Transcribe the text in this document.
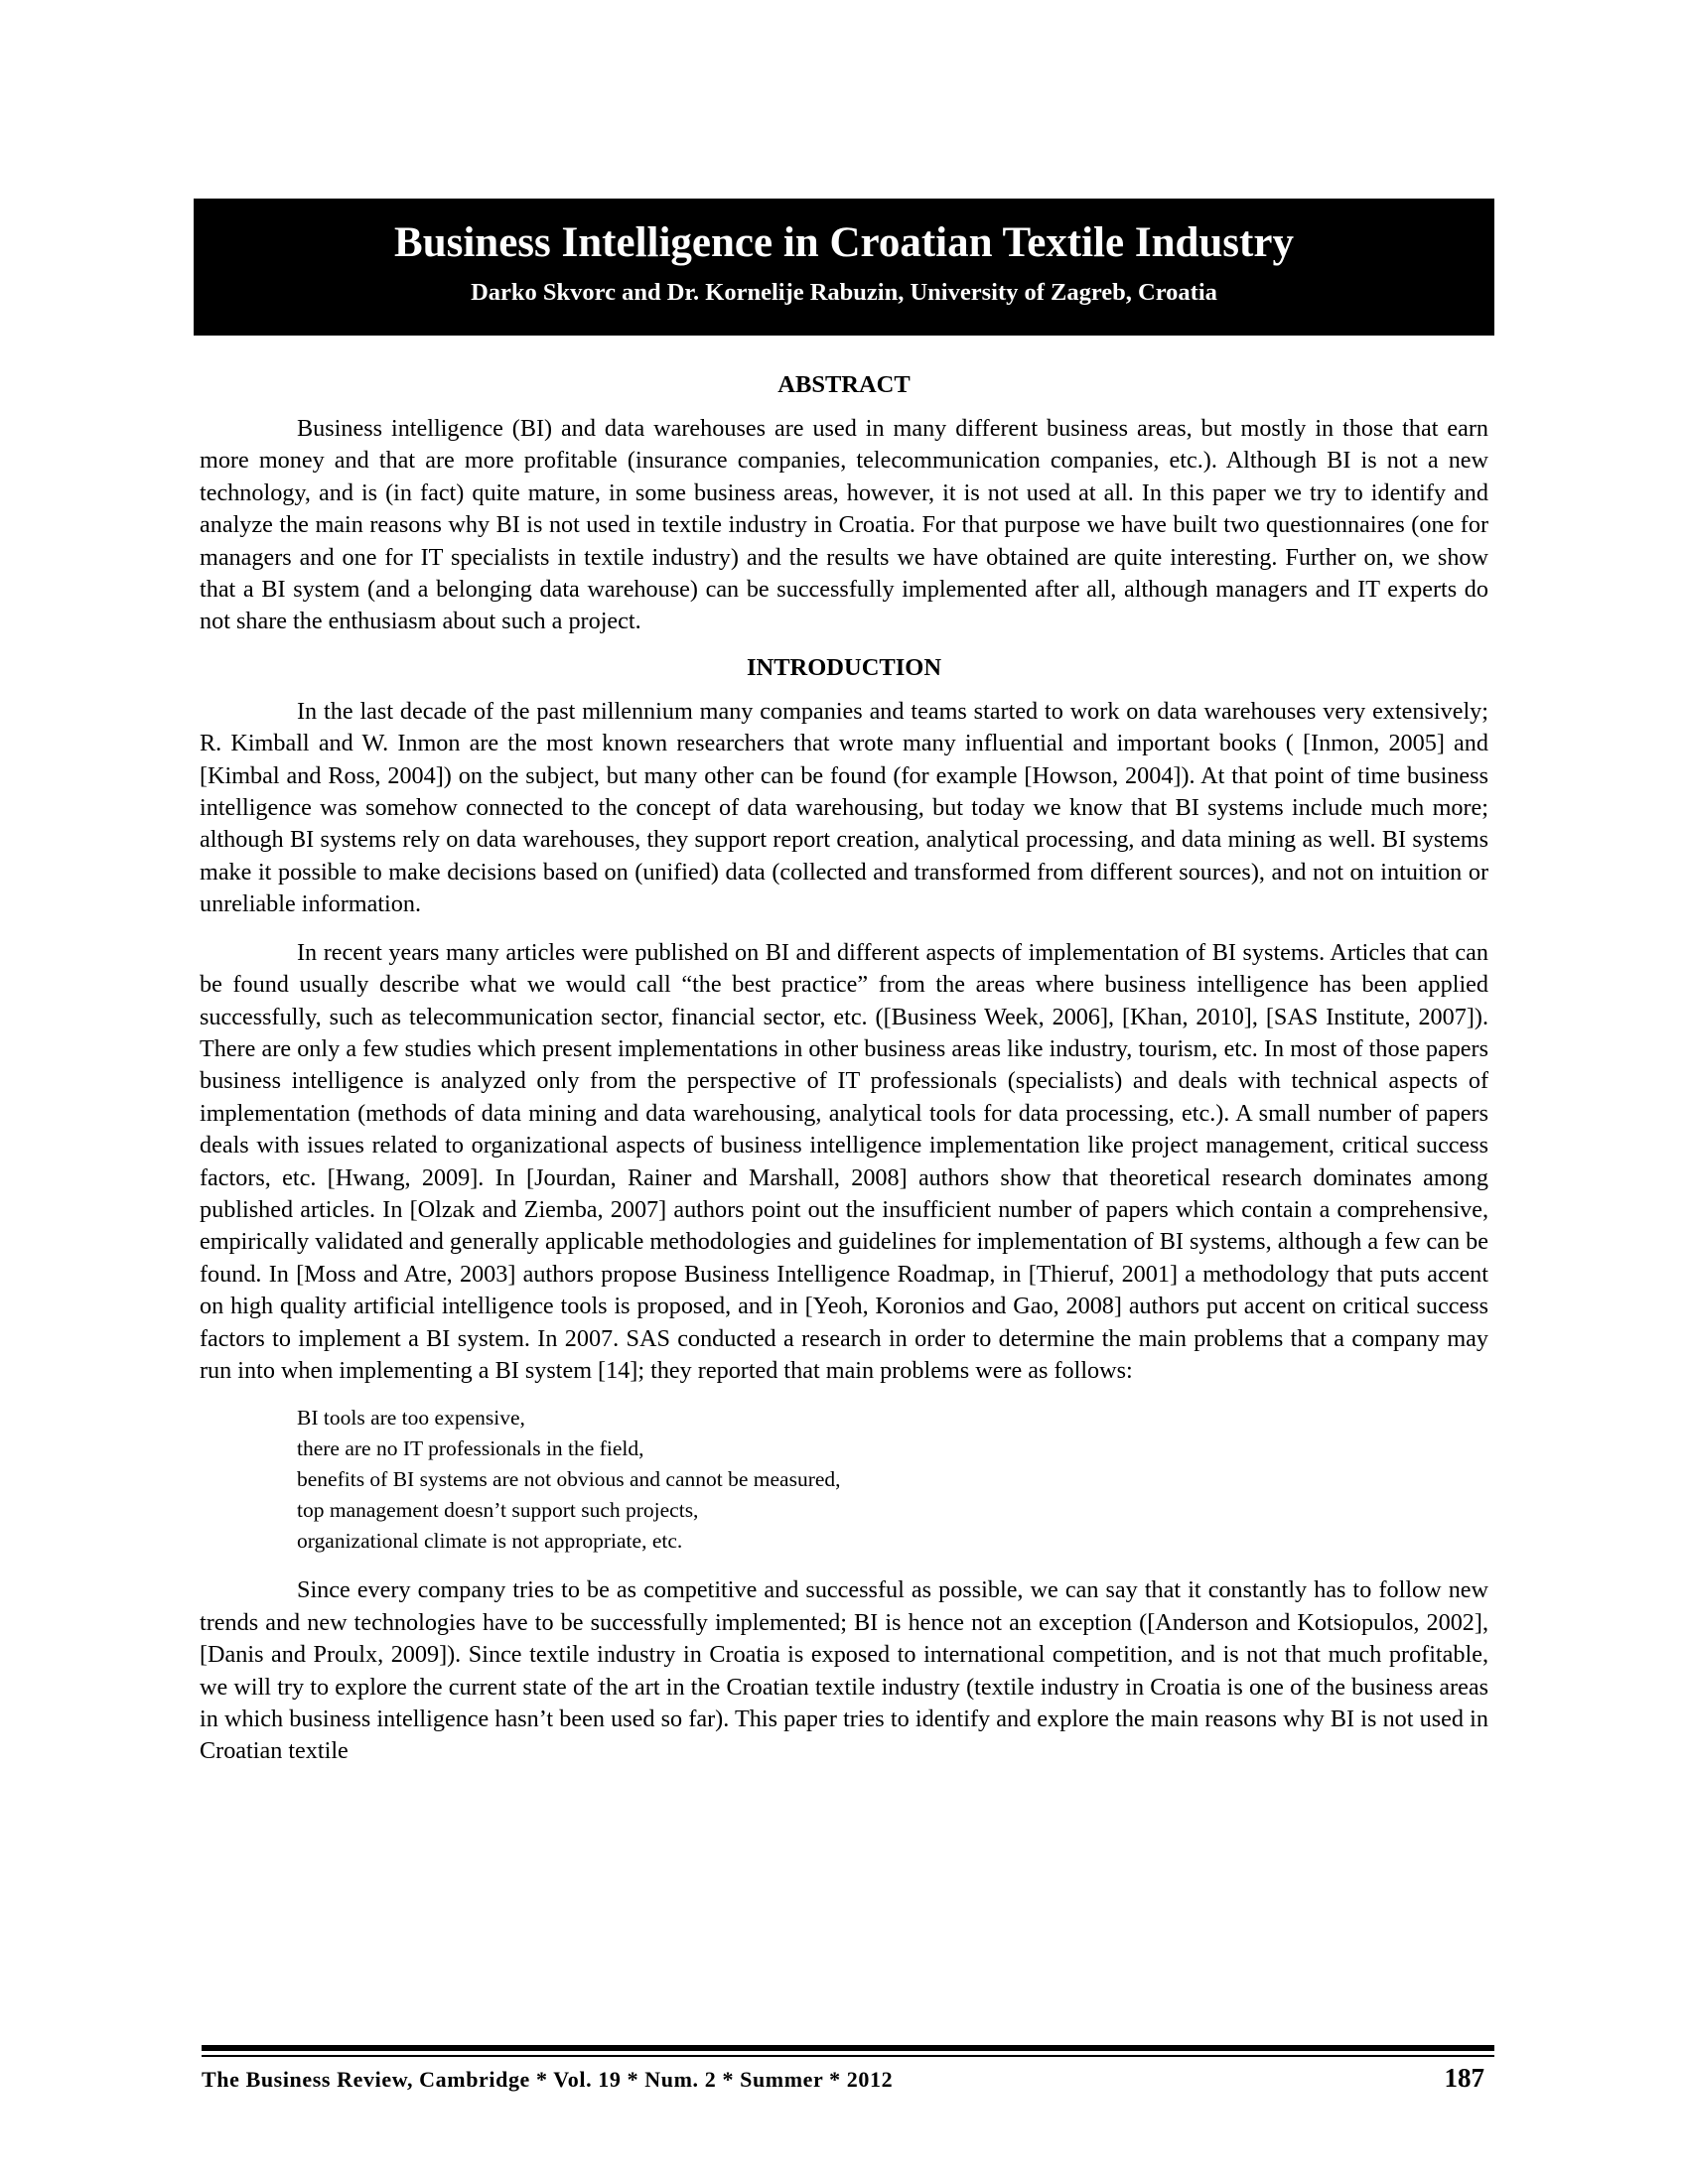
Business Intelligence in Croatian Textile Industry
Darko Skvorc and Dr. Kornelije Rabuzin, University of Zagreb, Croatia
ABSTRACT

Business intelligence (BI) and data warehouses are used in many different business areas, but mostly in those that earn more money and that are more profitable (insurance companies, telecommunication companies, etc.). Although BI is not a new technology, and is (in fact) quite mature, in some business areas, however, it is not used at all. In this paper we try to identify and analyze the main reasons why BI is not used in textile industry in Croatia. For that purpose we have built two questionnaires (one for managers and one for IT specialists in textile industry) and the results we have obtained are quite interesting. Further on, we show that a BI system (and a belonging data warehouse) can be successfully implemented after all, although managers and IT experts do not share the enthusiasm about such a project.

INTRODUCTION

In the last decade of the past millennium many companies and teams started to work on data warehouses very extensively; R. Kimball and W. Inmon are the most known researchers that wrote many influential and important books ( [Inmon, 2005] and [Kimbal and Ross, 2004]) on the subject, but many other can be found (for example [Howson, 2004]). At that point of time business intelligence was somehow connected to the concept of data warehousing, but today we know that BI systems include much more; although BI systems rely on data warehouses, they support report creation, analytical processing, and data mining as well. BI systems make it possible to make decisions based on (unified) data (collected and transformed from different sources), and not on intuition or unreliable information.

In recent years many articles were published on BI and different aspects of implementation of BI systems. Articles that can be found usually describe what we would call “the best practice” from the areas where business intelligence has been applied successfully, such as telecommunication sector, financial sector, etc. ([Business Week, 2006], [Khan, 2010], [SAS Institute, 2007]). There are only a few studies which present implementations in other business areas like industry, tourism, etc. In most of those papers business intelligence is analyzed only from the perspective of IT professionals (specialists) and deals with technical aspects of implementation (methods of data mining and data warehousing, analytical tools for data processing, etc.). A small number of papers deals with issues related to organizational aspects of business intelligence implementation like project management, critical success factors, etc. [Hwang, 2009]. In [Jourdan, Rainer and Marshall, 2008] authors show that theoretical research dominates among published articles. In [Olzak and Ziemba, 2007] authors point out the insufficient number of papers which contain a comprehensive, empirically validated and generally applicable methodologies and guidelines for implementation of BI systems, although a few can be found. In [Moss and Atre, 2003] authors propose Business Intelligence Roadmap, in [Thieruf, 2001] a methodology that puts accent on high quality artificial intelligence tools is proposed, and in [Yeoh, Koronios and Gao, 2008] authors put accent on critical success factors to implement a BI system. In 2007. SAS conducted a research in order to determine the main problems that a company may run into when implementing a BI system [14]; they reported that main problems were as follows:

BI tools are too expensive,
there are no IT professionals in the field,
benefits of BI systems are not obvious and cannot be measured,
top management doesn’t support such projects,
organizational climate is not appropriate, etc.

Since every company tries to be as competitive and successful as possible, we can say that it constantly has to follow new trends and new technologies have to be successfully implemented; BI is hence not an exception ([Anderson and Kotsiopulos, 2002], [Danis and Proulx, 2009]). Since textile industry in Croatia is exposed to international competition, and is not that much profitable, we will try to explore the current state of the art in the Croatian textile industry (textile industry in Croatia is one of the business areas in which business intelligence hasn’t been used so far). This paper tries to identify and explore the main reasons why BI is not used in Croatian textile

The Business Review, Cambridge * Vol. 19 * Num. 2 * Summer * 2012	187
